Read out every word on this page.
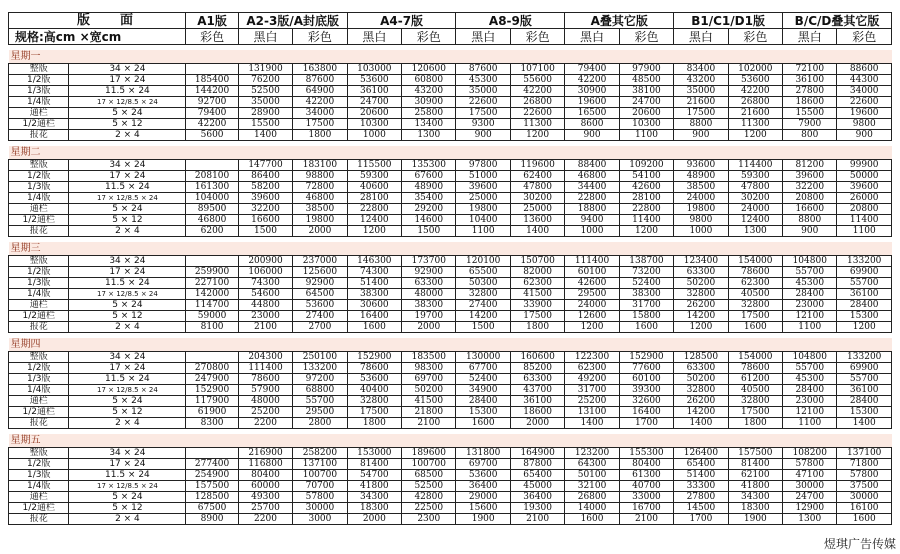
版 面		A1版	A2-3版/A封底版		A4-7版		A8-9版		A叠其它版		B1/C1/D1版		B/C/D叠其它版	
规格:高cm ×宽cm		彩色	黑白	彩色	黑白	彩色	黑白	彩色	黑白	彩色	黑白	彩色	黑白	彩色

星期一														
整版	34 × 24		131900	163800	103000	120600	87600	107100	79400	97900	83400	102000	72100	88600
1/2版	17 × 24	185400	76200	87600	53600	60800	45300	55600	42200	48500	43200	53600	36100	44300
1/3版	11.5 × 24	144200	52500	64900	36100	43200	35000	42200	30900	38100	35000	42200	27800	34000
1/4版	17 × 12/8.5 × 24	92700	35000	42200	24700	30900	22600	26800	19600	24700	21600	26800	18600	22600
通栏	5 × 24	79400	28900	34000	20600	25800	17500	22600	16500	20600	17500	21600	15500	19600
1/2通栏	5 × 12	42200	15500	17500	10300	13400	9300	11300	8600	10300	8800	11300	7900	9800
报花	2 × 4	5600	1400	1800	1000	1300	900	1200	900	1100	900	1200	800	900

星期二														
整版	34 × 24		147700	183100	115500	135300	97800	119600	88400	109200	93600	114400	81200	99900
1/2版	17 × 24	208100	86400	98800	59300	67600	51000	62400	46800	54100	48900	59300	39600	50000
1/3版	11.5 × 24	161300	58200	72800	40600	48900	39600	47800	34400	42600	38500	47800	32200	39600
1/4版	17 × 12/8.5 × 24	104000	39600	46800	28100	35400	25000	30200	22800	28100	24000	30200	20800	26000
通栏	5 × 24	89500	32200	38500	22800	29200	19800	25000	18800	22800	19800	24000	16600	20800
1/2通栏	5 × 12	46800	16600	19800	12400	14600	10400	13600	9400	11400	9800	12400	8800	11400
报花	2 × 4	6200	1500	2000	1200	1500	1100	1400	1000	1200	1000	1300	900	1100

星期三														
整版	34 × 24		200900	237000	146300	173700	120100	150700	111400	138700	123400	154000	104800	133200
1/2版	17 × 24	259900	106000	125600	74300	92900	65500	82000	60100	73200	63300	78600	55700	69900
1/3版	11.5 × 24	227100	74300	92900	51400	63300	50300	62300	42600	52400	50200	62300	45300	55700
1/4版	17 × 12/8.5 × 24	142000	54600	64500	38300	48000	32800	41500	29500	38300	32800	40500	28400	36100
通栏	5 × 24	114700	44800	53600	30600	38300	27400	33900	24000	31700	26200	32800	23000	28400
1/2通栏	5 × 12	59000	23000	27400	16400	19700	14200	17500	12600	15800	14200	17500	12100	15300
报花	2 × 4	8100	2100	2700	1600	2000	1500	1800	1200	1600	1200	1600	1100	1200

星期四														
整版	34 × 24		204300	250100	152900	183500	130000	160600	122300	152900	128500	154000	104800	133200
1/2版	17 × 24	270800	111400	133200	78600	98300	67700	85200	62300	77600	63300	78600	55700	69900
1/3版	11.5 × 24	247900	78600	97200	53600	69700	52400	63300	49200	60100	50200	61200	45300	55700
1/4版	17 × 12/8.5 × 24	152900	57900	68800	40400	50200	34900	43700	31700	39300	32800	40500	28400	36100
通栏	5 × 24	117900	48000	55700	32800	41500	28400	36100	25200	32600	26200	32800	23000	28400
1/2通栏	5 × 12	61900	25200	29500	17500	21800	15300	18600	13100	16400	14200	17500	12100	15300
报花	2 × 4	8300	2200	2800	1800	2100	1600	2000	1400	1700	1400	1800	1100	1400

星期五														
整版	34 × 24		216900	258200	153000	189600	131800	164900	123200	155300	126400	157500	108200	137100
1/2版	17 × 24	277400	116800	137100	81400	100700	69700	87800	64300	80400	65400	81400	57800	71800
1/3版	11.5 × 24	254900	80400	100700	54700	68500	53600	65400	50100	61300	51400	62100	47100	57800
1/4版	17 × 12/8.5 × 24	157500	60000	70700	41800	52500	36400	45000	32100	40700	33300	41800	30000	37500
通栏	5 × 24	128500	49300	57800	34300	42800	29000	36400	26800	33000	27800	34300	24700	30000
1/2通栏	5 × 12	67500	25700	30000	18300	22500	15600	19300	14000	16700	14500	18300	12900	16100
报花	2 × 4	8900	2200	3000	2000	2300	1900	2100	1600	2100	1700	1900	1300	1600
煜琪广告传媒
